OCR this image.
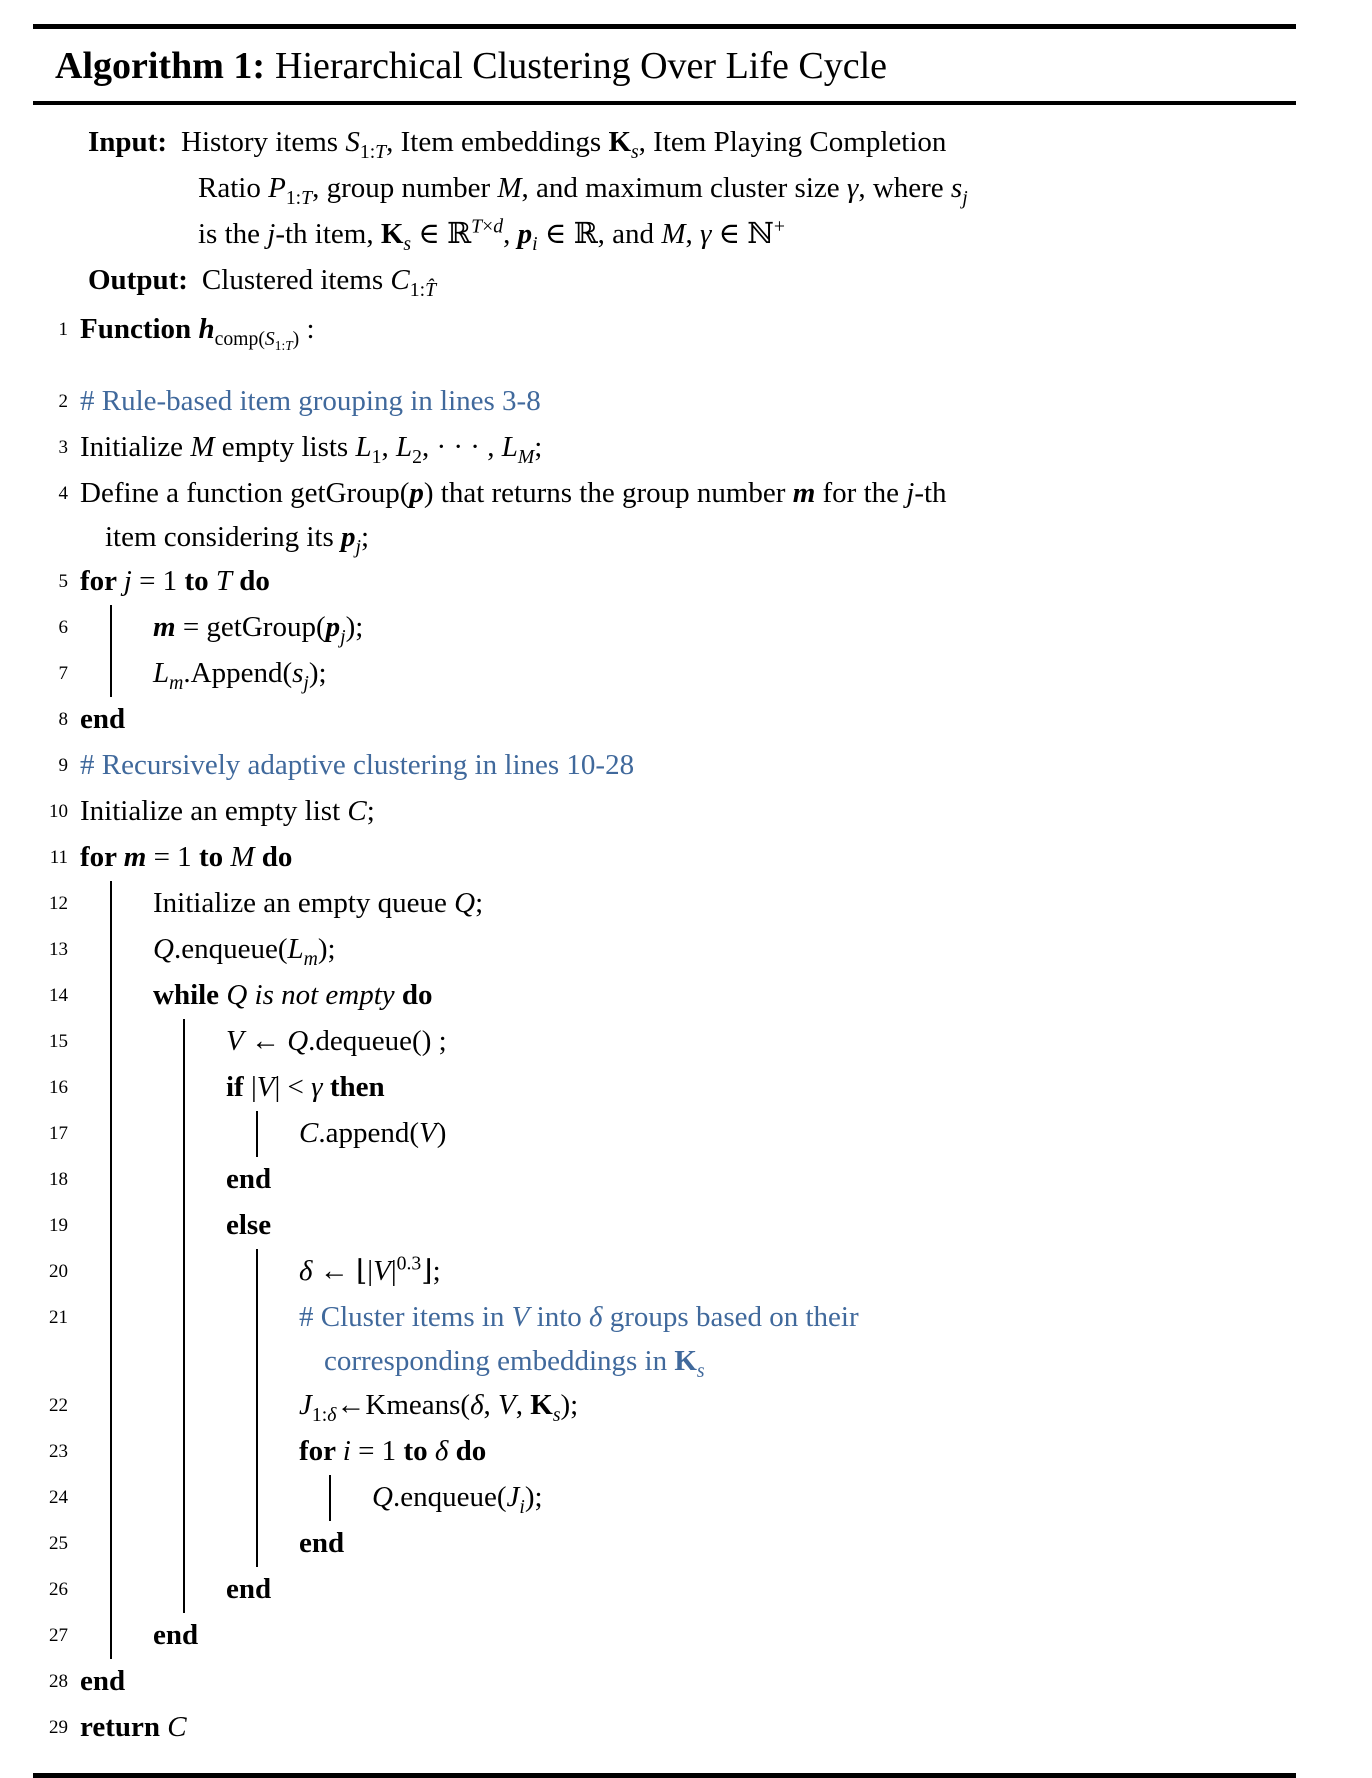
Algorithm 1: Hierarchical Clustering Over Life Cycle
Input: History items $S_{1:T}$, Item embeddings $K_s$, Item Playing Completion
Ratio $P_{1:T}$, group number M, and maximum cluster size γ, where $s_j$
is the j-th item, $K_s$ ∈ ℝ$^{T\times d}$, $p_i$ ∈ ℝ, and M, γ ∈ ℕ+
Output: Clustered items $C_{1:T̂}$
1 Function $h_{comp(S_{1:T})}$ :
2 # Rule-based item grouping in lines 3-8
3 Initialize M empty lists $L_1$, $L_2$, · · · , $L_M$;
4 Define a function getGroup(p) that returns the group number m for the j-th
item considering its $p_j$;
5 for j = 1 to T do
6	$m = getGroup(p_j)$;
7	$L_m.Append(s_j)$;
8 end
9 # Recursively adaptive clustering in lines 10-28
10 Initialize an empty list C;
11 for m = 1 to M do
12	Initialize an empty queue Q;
13	$Q.enqueue(L_m)$;
14	while Q is not empty do
15	V ← Q.dequeue() ;
16	if |V| < γ then
17	C.append(V)
18	end
19	else
20	δ ← $⌊|V|^{0.3}⌋$;
21	# Cluster items in V into δ groups based on their
corresponding embeddings in $K_s$
22	$J_{1:\delta}\leftarrow Kmeans(\delta$, V, $K_s$);
23	for i = 1 to δ do
24	$Q.enqueue(J_i)$;
25	end
26	end
27	end
28 end
29 return C
